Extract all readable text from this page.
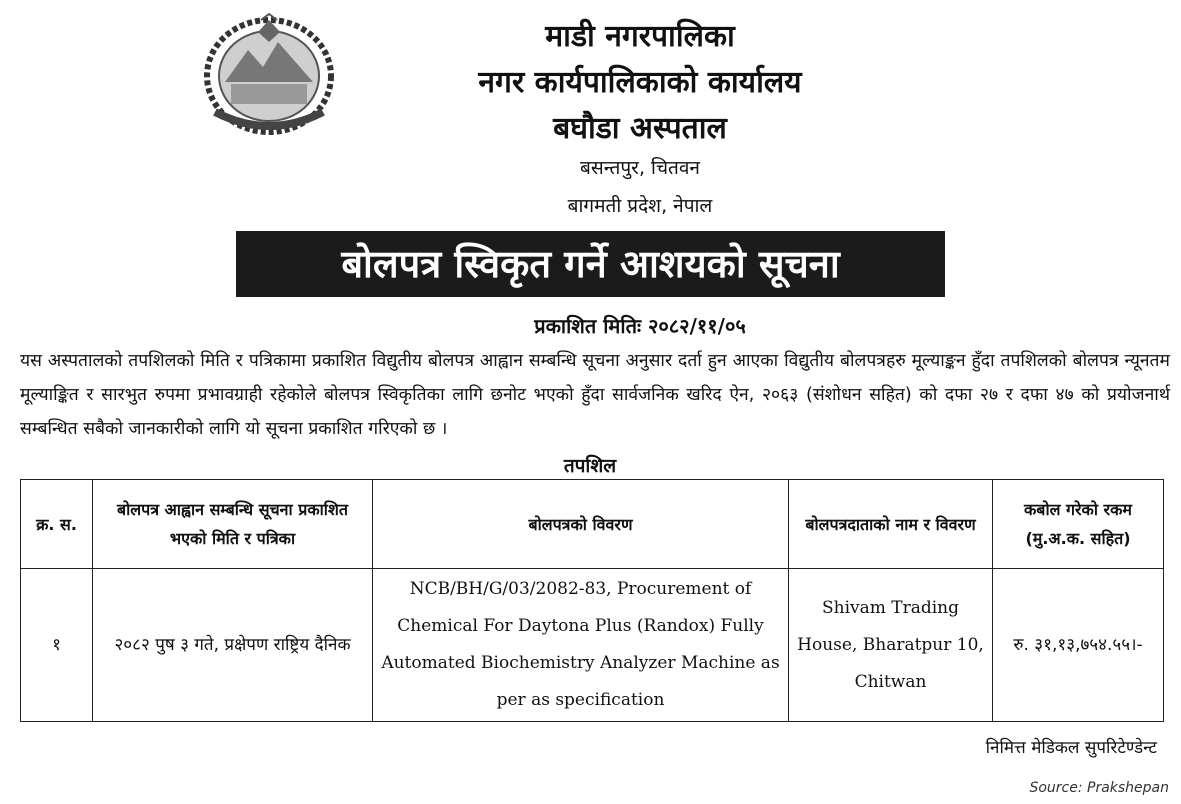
माडी नगरपालिका
नगर कार्यपालिकाको कार्यालय
बघौडा अस्पताल
बसन्तपुर, चितवन
बागमती प्रदेश, नेपाल
बोलपत्र स्विकृत गर्ने आशयको सूचना
प्रकाशित मितिः २०८२/११/०५
यस अस्पतालको तपशिलको मिति र पत्रिकामा प्रकाशित विद्युतीय बोलपत्र आह्वान सम्बन्धि सूचना अनुसार दर्ता हुन आएका विद्युतीय बोलपत्रहरु मूल्याङ्कन हुँदा तपशिलको बोलपत्र न्यूनतम मूल्याङ्कित र सारभुत रुपमा प्रभावग्राही रहेकोले बोलपत्र स्विकृतिका लागि छनोट भएको हुँदा सार्वजनिक खरिद ऐन, २०६३ (संशोधन सहित) को दफा २७ र दफा ४७ को प्रयोजनार्थ सम्बन्धित सबैको जानकारीको लागि यो सूचना प्रकाशित गरिएको छ ।
तपशिल
क्र. स.	बोलपत्र आह्वान सम्बन्धि सूचना प्रकाशित भएको मिति र पत्रिका	बोलपत्रको विवरण	बोलपत्रदाताको नाम र विवरण	कबोल गरेको रकम (मु.अ.क. सहित)
१	२०८२ पुष ३ गते, प्रक्षेपण राष्ट्रिय दैनिक	NCB/BH/G/03/2082-83, Procurement of Chemical For Daytona Plus (Randox) Fully Automated Biochemistry Analyzer Machine as per as specification	Shivam Trading House, Bharatpur 10, Chitwan	रु. ३१,१३,७५४.५५।-
निमित्त मेडिकल सुपरिटेण्डेन्ट
Source: Prakshepan
